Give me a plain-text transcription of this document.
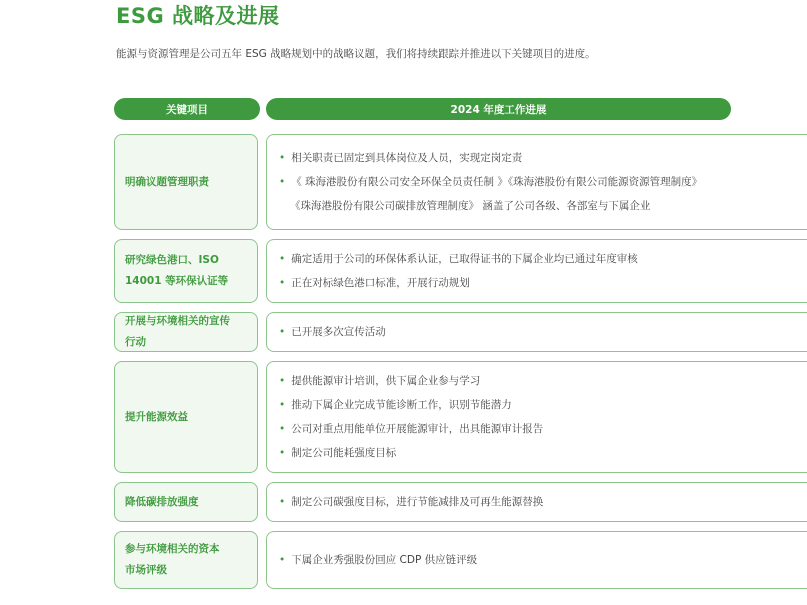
ESG 战略及进展
能源与资源管理是公司五年 ESG 战略规划中的战略议题，我们将持续跟踪并推进以下关键项目的进度。
关键项目	2024 年度工作进展
明确议题管理职责
• 相关职责已固定到具体岗位及人员，实现定岗定责
• 《 珠海港股份有限公司安全环保全员责任制 》《珠海港股份有限公司能源资源管理制度》
《珠海港股份有限公司碳排放管理制度》 涵盖了公司各级、各部室与下属企业
研究绿色港口、ISO
14001 等环保认证等
• 确定适用于公司的环保体系认证，已取得证书的下属企业均已通过年度审核
• 正在对标绿色港口标准，开展行动规划
开展与环境相关的宣传
行动
• 已开展多次宣传活动
提升能源效益
• 提供能源审计培训，供下属企业参与学习
• 推动下属企业完成节能诊断工作，识别节能潜力
• 公司对重点用能单位开展能源审计，出具能源审计报告
• 制定公司能耗强度目标
降低碳排放强度
•	制定公司碳强度目标，进行节能减排及可再生能源替换
参与环境相关的资本
市场评级
• 下属企业秀强股份回应 CDP 供应链评级
